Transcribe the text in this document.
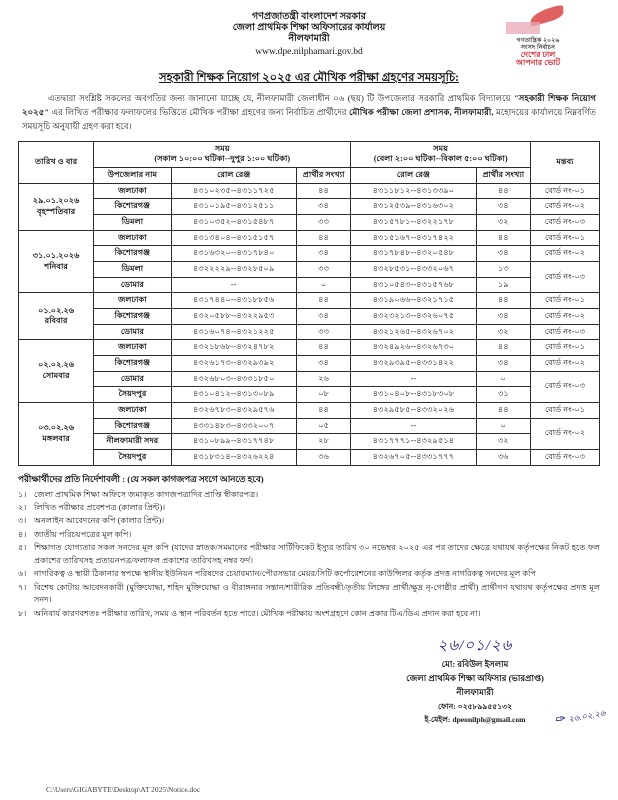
গণপ্রজাতন্ত্রী বাংলাদেশ সরকার
জেলা প্রাথমিক শিক্ষা অফিসারের কার্যালয়
নীলফামারী
www.dpe.nilphamari.gov.bd
গণতান্ত্রিক ২০২৬
সংসদ নির্বাচন
দেশের ঢাল
আপনার ভোট
সহকারী শিক্ষক নিয়োগ ২০২৫ এর মৌখিক পরীক্ষা গ্রহণের সময়সূচি:
এতদ্বারা সংশ্লিষ্ট সকলের অবগতির জন্য জানানো যাচ্ছে যে, নীলফামারী জেলাধীন ০৬ (ছয়) টি উপজেলার সরকারি প্রাথমিক বিদ্যালয়ে "সহকারী শিক্ষক নিয়োগ ২০২৫" এর লিখিত পরীক্ষার ফলাফলের ভিত্তিতে মৌখিক পরীক্ষা গ্রহণের জন্য নির্বাচিত প্রার্থীদের মৌখিক পরীক্ষা জেলা প্রশাসক, নীলফামারী, মহোদয়ের কার্যালয়ে নিম্নবর্ণিত সময়সূচি অনুযায়ী গ্রহণ করা হবে।
তারিখ ও বার	
সময়
(সকাল ১০:০০ ঘটিকা--দুপুর ১:০০ ঘটিকা)

সময়
(বেলা ২:০০ ঘটিকা--বিকাল ৫:০০ ঘটিকা)	মন্তব্য
	উপজেলার নাম	রোল রেঞ্জ	প্রার্থীর সংখ্যা	রোল রেঞ্জ	প্রার্থীর সংখ্যা	

২৯.০১.২০২৬
বৃহস্পতিবার	জলঢাকা	৪৩১০২৩৫--৪৩১১৭২৫	৪৪	৪৩১১৮১২--৪৩১৩৩৯০	৪৪	বোর্ড নং-০১
	কিশোরগঞ্জ	৪৩১০১৯৫--৪৩১২৫১১	৩৪	৪৩১২৫৩৯--৪৩১৬৩০২	৩৪	বোর্ড নং-০২
	ডিমলা	৪৩১০৩৫২--৪৩১৫৪৮৭	৩৩	৪৩১৫৭৮১--৪৩২২১৭৮	৩২	বোর্ড নং-০৩

৩১.০১.২০২৬
শনিবার	জলঢাকা	৪৩১৩৪০৪--৪৩১৫১৫৭	৪৪	৪৩১৫১৬৭--৪৩১৭৪২২	৪৪	বোর্ড নং-০১
	কিশোরগঞ্জ	৪৩১৬৩২০--৪৩১৭৮৪০	৩৪	৪৩১৭৮৪৮--৪৩২০৫৪৮	৩৪	বোর্ড নং-০২
	ডিমলা	৪৩২২২২৯--৪৩২৮৫০৯	৩৩	৪৩২৮৫৩১--৪৩৩২০৬৭	১৩	বোর্ড নং-০৩
	ডোমার	--	০	৪৩১০৫৪৩--৪৩১৫৭৬৮	১৯	

০১.০২.২৬
রবিবার	জলঢাকা	৪৩১৭৪৪০--৪৩১৮৮৫৬	৪৪	৪৩১৯০৬৬--৪৩২১৭১৫	৪৪	বোর্ড নং-০১
	কিশোরগঞ্জ	৪৩২০৫৮৮--৪৩২২৯৫৩	৩৪	৪৩২৩২১৩--৪৩২৬০৭৫	৩৪	বোর্ড নং-০২
	ডোমার	৪৩১৬০৭৪--৪৩২১২২৫	৩৩	৪৩২১২৬৫--৪৩২৬৭০২	৩২	বোর্ড নং-০৩

০২.০২.২৬
সোমবার	জলঢাকা	৪৩২১৮৬৮--৪৩২৪৭৮২	৪৪	৪৩২৪৯২৬--৪৩২৬৭৩০	৪৪	বোর্ড নং-০১
	কিশোরগঞ্জ	৪৩২৬১৭৩--৪৩২৯৩৯২	৩৪	৪৩২৯৩৯৫--৪৩৩১৪২২	৩৪	বোর্ড নং-০২
	ডোমার	৪৩২৬৮০৩--৪৩৩১৮৫০	২৬	--	০	বোর্ড নং-০৩
	সৈয়দপুর	৪৩১০৪১২--৪৩১৩০৮৯	০৮	৪৩১০৪০৮--৪৩১৮৩০৮	৩১	

০৩.০২.২৬
মঙ্গলবার	জলঢাকা	৪৩২৬৭৮৩--৪৩২৯৫৭৬	৪৪	৪৩২৯৫৮৫--৪৩৩২০২৬	৪৪	বোর্ড নং-০১
	কিশোরগঞ্জ	৪৩৩১৪৮৩--৪৩৩২০০৭	০৫	--	০	বোর্ড নং-০২
	নীলফামারী সদর	৪৩১০৮৯৯--৪৩১৭৭৪৮	২৮	৪৩১৭৭৭১--৪৩২৯৫১৪	৩২	
	সৈয়দপুর	৪৩১৮৩১৪--৪৩২৬২২৪	৩৬	৪৩২৬৭০৫--৪৩৩১৭৭৭	৩৬	বোর্ড নং-০৩
পরীক্ষার্থীদের প্রতি নির্দেশাবলী : (যে সকল কাগজপত্র সংগে আনতে হবে)
১। জেলা প্রাথমিক শিক্ষা অফিসে জমাকৃত কাগজপত্রাদির প্রাপ্তি স্বীকারপত্র।
২। লিখিত পরীক্ষার প্রবেশপত্র (কালার প্রিন্ট)।
৩। অনলাইন আবেদনের কপি (কালার প্রিন্ট)।
৪। জাতীয় পরিচয়পত্রের মূল কপি।
৫। শিক্ষাগত যোগ্যতার সকল সনদের মূল কপি (যাদের স্নাতক/সমমানের পরীক্ষার সার্টিফিকেট ইস্যুর তারিখ ৩০ নভেম্বর ২০২৫ এর পর তাদের ক্ষেত্রে যথাযথ কর্তৃপক্ষের নিকট হতে ফল প্রকাশের তারিখসহ প্রত্যয়নপত্র/ফলাফল প্রকাশের তারিখসহ নম্বর ফর্দ।
৬। নাগরিকত্ব ও স্থায়ী ঠিকানার স্বপক্ষে স্থানীয় ইউনিয়ন পরিষদের চেয়ারম্যান/পৌরসভার মেয়র/সিটি কর্পোরেশনের কাউন্সিলর কর্তৃক প্রদত্ত নাগরিকত্ব সনদের মূল কপি
৭। বিশেষ কোটায় আবেদনকারী (মুক্তিযোদ্ধা, শহিদ মুক্তিযোদ্ধা ও বীরাঙ্গনার সন্তান/শারীরিক প্রতিবন্ধী/তৃতীয় লিঙ্গের প্রার্থী/ক্ষুদ্র নৃ-গোষ্ঠীর প্রার্থী) প্রার্থীগণ যথাযথ কর্তৃপক্ষের প্রদত্ত মূল সনদ।
৮। অনিবার্য কারণবশতঃ পরীক্ষার তারিখ, সময় ও স্থান পরিবর্তন হতে পারে। মৌখিক পরীক্ষায় অংশগ্রহণে কোন প্রকার টিএ/ডিএ প্রদান করা হবে না।
২৬/০১/২৬
মো: রবিউল ইসলাম
জেলা প্রাথমিক শিক্ষা অফিসার (ভারপ্রাপ্ত)
নীলফামারী
ফোন: ০২৫৮৯৯৫৫১৩২
ই-মেইল: dpeonilph@gmail.com	✑ ২৬.০২.২৬
C:\Users\GIGABYTE\Desktop\AT 2025\Notice.doc
